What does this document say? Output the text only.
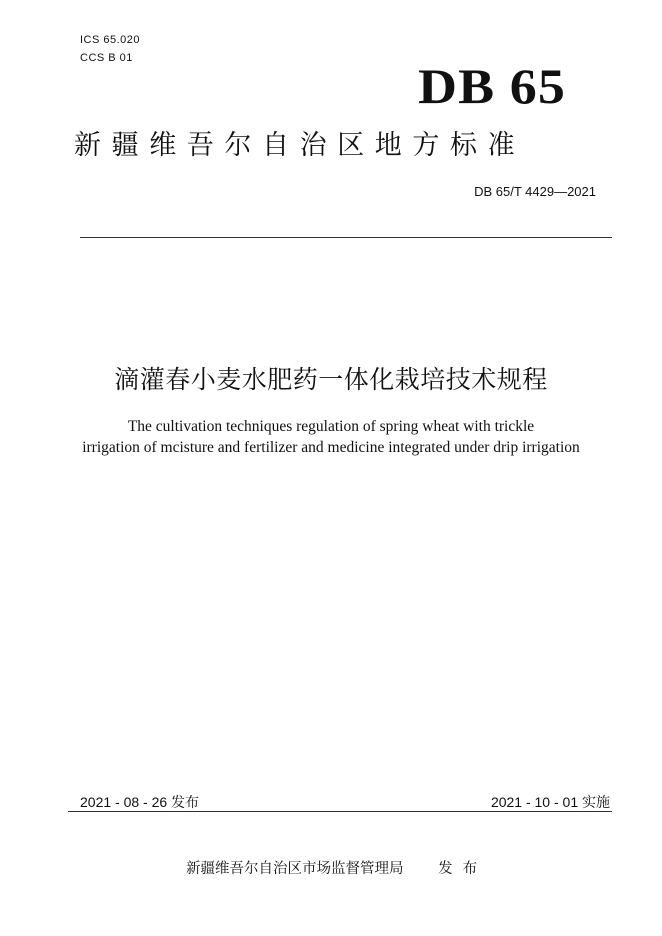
ICS 65.020
CCS B 01	DB 65
新疆维吾尔自治区地方标准
DB 65/T 4429—2021
滴灌春小麦水肥药一体化栽培技术规程
The cultivation techniques regulation of spring wheat with trickle
irrigation of mcisture and fertilizer and medicine integrated under drip irrigation
2021 - 08 - 26 发布	2021 - 10 - 01 实施
新疆维吾尔自治区市场监督管理局 发布
